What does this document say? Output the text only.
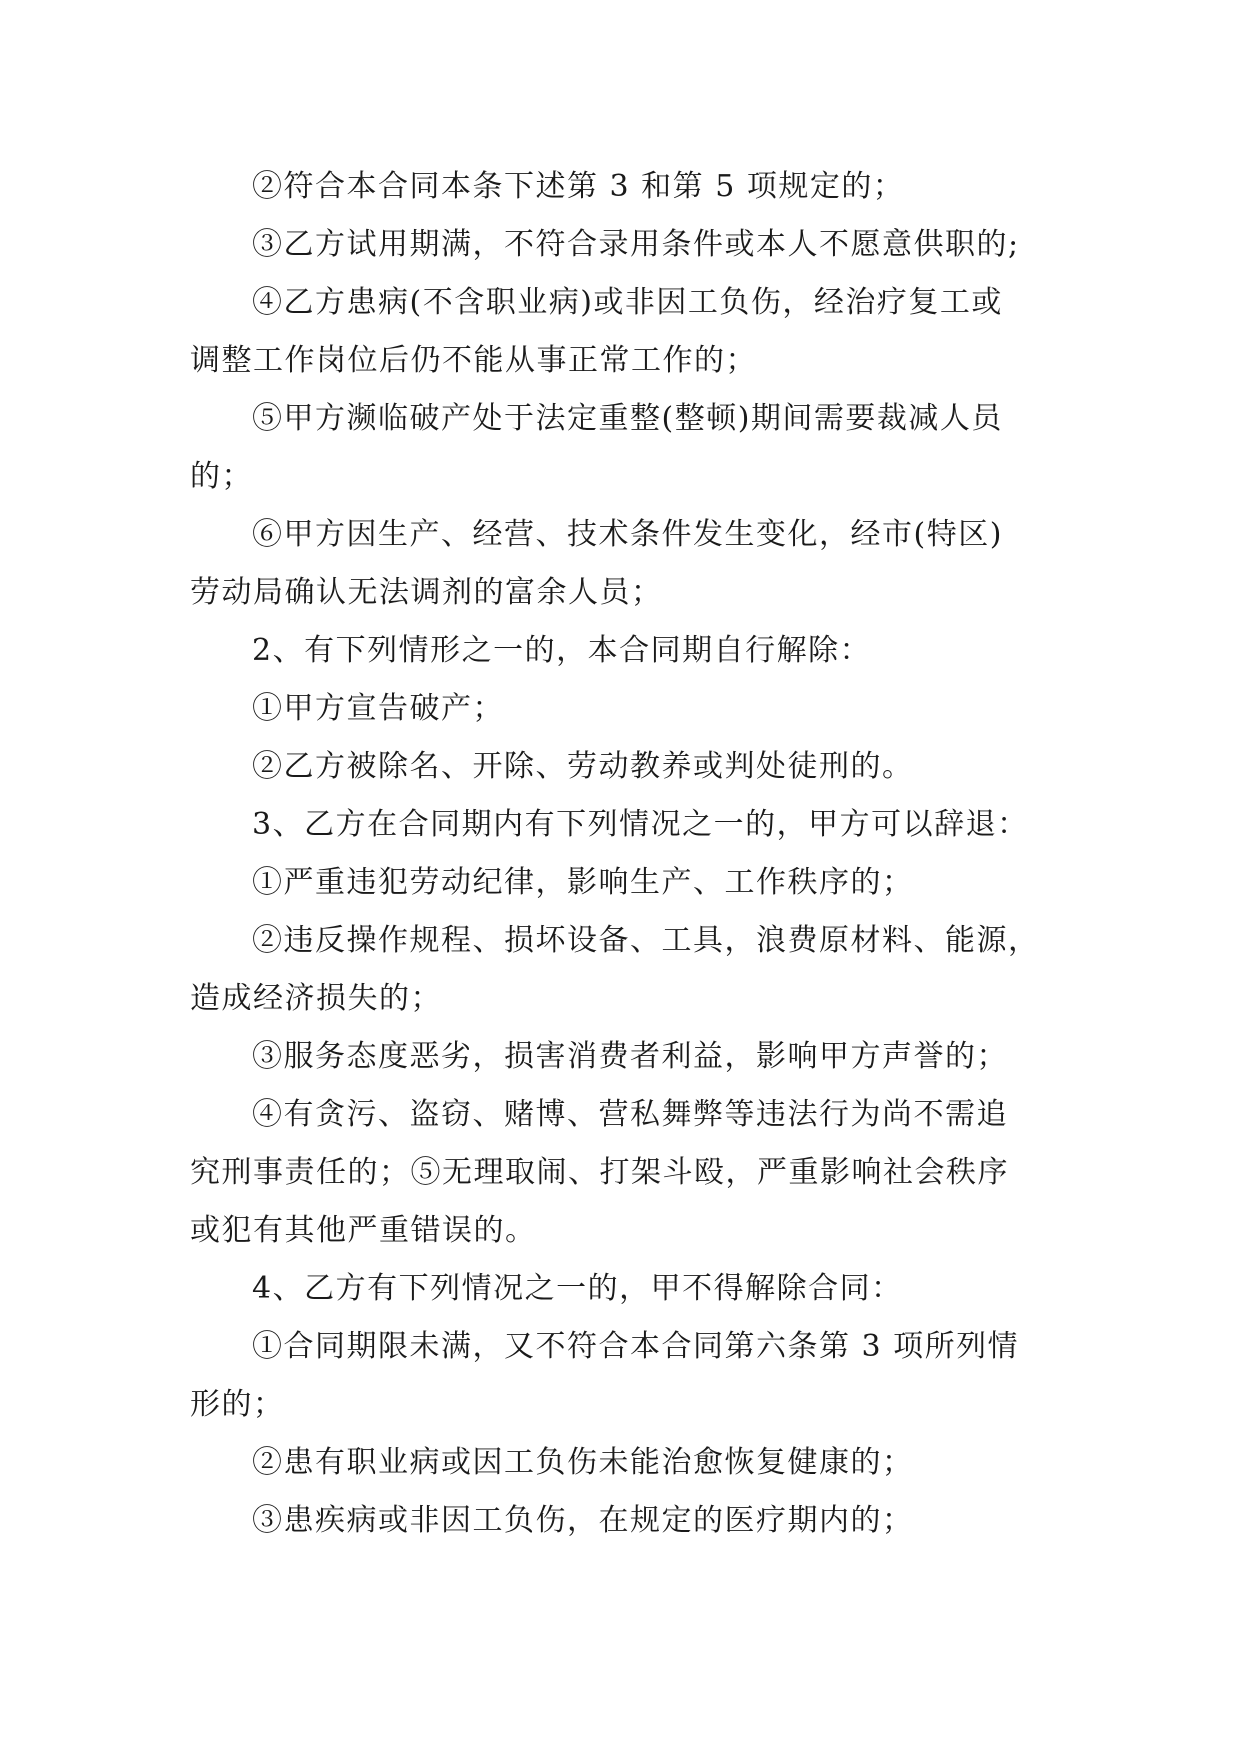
②符合本合同本条下述第 3 和第 5 项规定的；
③乙方试用期满，不符合录用条件或本人不愿意供职的;
④乙方患病(不含职业病)或非因工负伤，经治疗复工或
调整工作岗位后仍不能从事正常工作的；
⑤甲方濒临破产处于法定重整(整顿)期间需要裁减人员
的；
⑥甲方因生产、经营、技术条件发生变化，经市(特区)
劳动局确认无法调剂的富余人员；
2、有下列情形之一的，本合同期自行解除：
①甲方宣告破产；
②乙方被除名、开除、劳动教养或判处徒刑的。
3、乙方在合同期内有下列情况之一的，甲方可以辞退：
①严重违犯劳动纪律，影响生产、工作秩序的；
②违反操作规程、损坏设备、工具，浪费原材料、能源，
造成经济损失的；
③服务态度恶劣，损害消费者利益，影响甲方声誉的；
④有贪污、盗窃、赌博、营私舞弊等违法行为尚不需追
究刑事责任的；⑤无理取闹、打架斗殴，严重影响社会秩序
或犯有其他严重错误的。
4、乙方有下列情况之一的，甲不得解除合同：
①合同期限未满，又不符合本合同第六条第 3 项所列情
形的；
②患有职业病或因工负伤未能治愈恢复健康的；
③患疾病或非因工负伤，在规定的医疗期内的；
